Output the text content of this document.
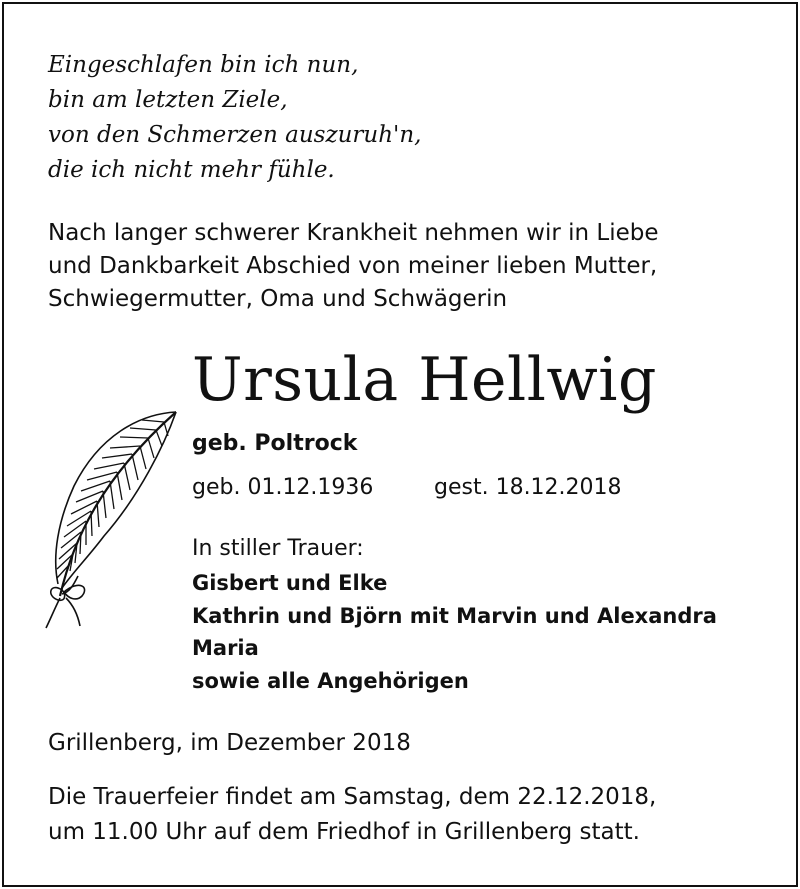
Eingeschlafen bin ich nun,
bin am letzten Ziele,
von den Schmerzen auszuruh'n,
die ich nicht mehr fühle.
Nach langer schwerer Krankheit nehmen wir in Liebe
und Dankbarkeit Abschied von meiner lieben Mutter,
Schwiegermutter, Oma und Schwägerin
Ursula Hellwig
geb. Poltrock
geb. 01.12.1936	gest. 18.12.2018
In stiller Trauer:
Gisbert und Elke
Kathrin und Björn mit Marvin und Alexandra
Maria
sowie alle Angehörigen
Grillenberg, im Dezember 2018
Die Trauerfeier findet am Samstag, dem 22.12.2018,
um 11.00 Uhr auf dem Friedhof in Grillenberg statt.
